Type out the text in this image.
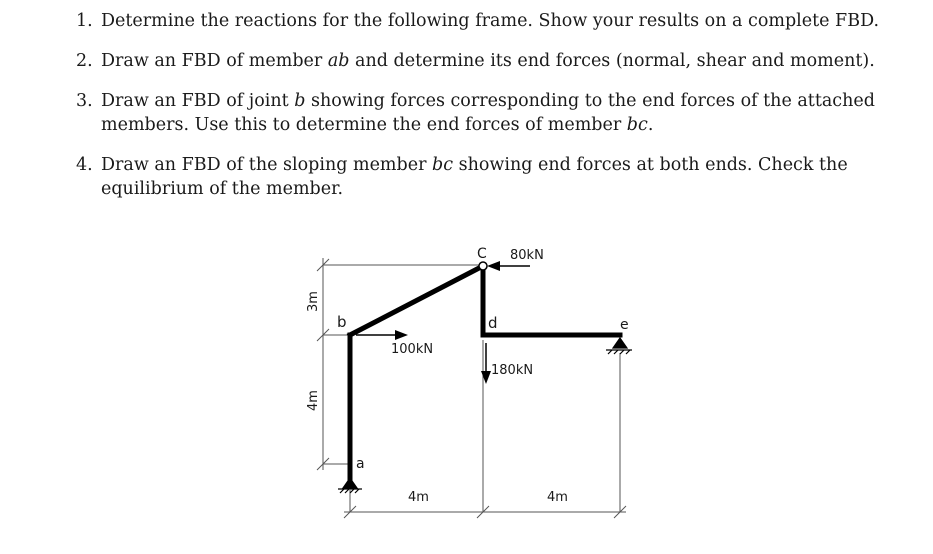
1. Determine the reactions for the following frame. Show your results on a complete FBD.
2. Draw an FBD of member ab and determine its end forces (normal, shear and moment).
3. Draw an FBD of joint b showing forces corresponding to the end forces of the attached members. Use this to determine the end forces of member bc.
4. Draw an FBD of the sloping member bc showing end forces at both ends. Check the equilibrium of the member.
a
b
C
d	e
100kN
80kN
180kN
3m
4m
4m	4m
